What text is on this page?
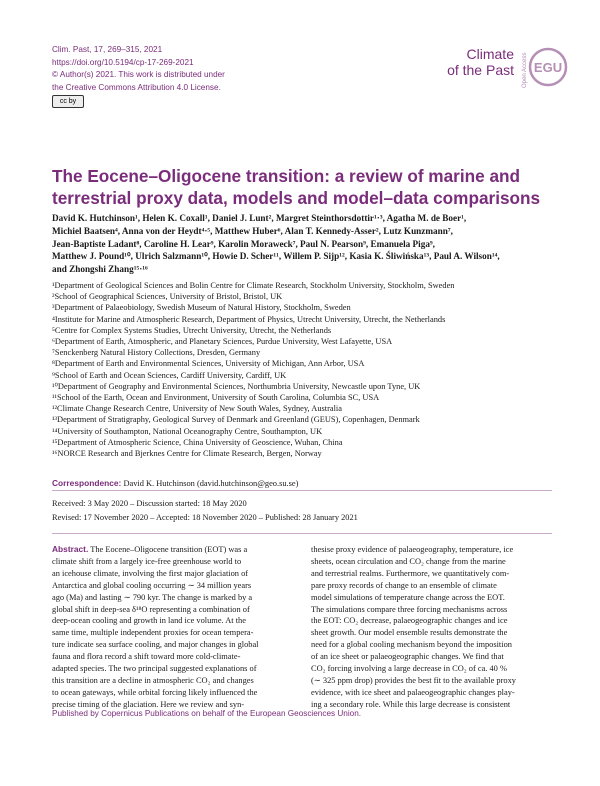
Clim. Past, 17, 269–315, 2021
https://doi.org/10.5194/cp-17-269-2021
© Author(s) 2021. This work is distributed under
the Creative Commons Attribution 4.0 License.
cc by
Climate
of the Past Open Access EGU
The Eocene–Oligocene transition: a review of marine and
terrestrial proxy data, models and model–data comparisons
David K. Hutchinson¹, Helen K. Coxall¹, Daniel J. Lunt², Margret Steinthorsdottir¹·³, Agatha M. de Boer¹,
Michiel Baatsen⁴, Anna von der Heydt⁴·⁵, Matthew Huber⁶, Alan T. Kennedy-Asser², Lutz Kunzmann⁷,
Jean-Baptiste Ladant⁸, Caroline H. Lear⁹, Karolin Moraweck⁷, Paul N. Pearson⁹, Emanuela Piga⁹,
Matthew J. Pound¹⁰, Ulrich Salzmann¹⁰, Howie D. Scher¹¹, Willem P. Sijp¹², Kasia K. Śliwińska¹³, Paul A. Wilson¹⁴,
and Zhongshi Zhang¹⁵·¹⁶
¹Department of Geological Sciences and Bolin Centre for Climate Research, Stockholm University, Stockholm, Sweden
²School of Geographical Sciences, University of Bristol, Bristol, UK
³Department of Palaeobiology, Swedish Museum of Natural History, Stockholm, Sweden
⁴Institute for Marine and Atmospheric Research, Department of Physics, Utrecht University, Utrecht, the Netherlands
⁵Centre for Complex Systems Studies, Utrecht University, Utrecht, the Netherlands
⁶Department of Earth, Atmospheric, and Planetary Sciences, Purdue University, West Lafayette, USA
⁷Senckenberg Natural History Collections, Dresden, Germany
⁸Department of Earth and Environmental Sciences, University of Michigan, Ann Arbor, USA
⁹School of Earth and Ocean Sciences, Cardiff University, Cardiff, UK
¹⁰Department of Geography and Environmental Sciences, Northumbria University, Newcastle upon Tyne, UK
¹¹School of the Earth, Ocean and Environment, University of South Carolina, Columbia SC, USA
¹²Climate Change Research Centre, University of New South Wales, Sydney, Australia
¹³Department of Stratigraphy, Geological Survey of Denmark and Greenland (GEUS), Copenhagen, Denmark
¹⁴University of Southampton, National Oceanography Centre, Southampton, UK
¹⁵Department of Atmospheric Science, China University of Geoscience, Wuhan, China
¹⁶NORCE Research and Bjerknes Centre for Climate Research, Bergen, Norway
Correspondence: David K. Hutchinson (david.hutchinson@geo.su.se)
Received: 3 May 2020 – Discussion started: 18 May 2020
Revised: 17 November 2020 – Accepted: 18 November 2020 – Published: 28 January 2021
Abstract. The Eocene–Oligocene transition (EOT) was a
climate shift from a largely ice-free greenhouse world to
an icehouse climate, involving the first major glaciation of
Antarctica and global cooling occurring ∼ 34 million years
ago (Ma) and lasting ∼ 790 kyr. The change is marked by a
global shift in deep-sea δ¹⁸O representing a combination of
deep-ocean cooling and growth in land ice volume. At the
same time, multiple independent proxies for ocean tempera-
ture indicate sea surface cooling, and major changes in global
fauna and flora record a shift toward more cold-climate-
adapted species. The two principal suggested explanations of
this transition are a decline in atmospheric CO₂ and changes
to ocean gateways, while orbital forcing likely influenced the
precise timing of the glaciation. Here we review and syn-
thesise proxy evidence of palaeogeography, temperature, ice
sheets, ocean circulation and CO₂ change from the marine
and terrestrial realms. Furthermore, we quantitatively com-
pare proxy records of change to an ensemble of climate
model simulations of temperature change across the EOT.
The simulations compare three forcing mechanisms across
the EOT: CO₂ decrease, palaeogeographic changes and ice
sheet growth. Our model ensemble results demonstrate the
need for a global cooling mechanism beyond the imposition
of an ice sheet or palaeogeographic changes. We find that
CO₂ forcing involving a large decrease in CO₂ of ca. 40 %
(∼ 325 ppm drop) provides the best fit to the available proxy
evidence, with ice sheet and palaeogeographic changes play-
ing a secondary role. While this large decrease is consistent
Published by Copernicus Publications on behalf of the European Geosciences Union.
